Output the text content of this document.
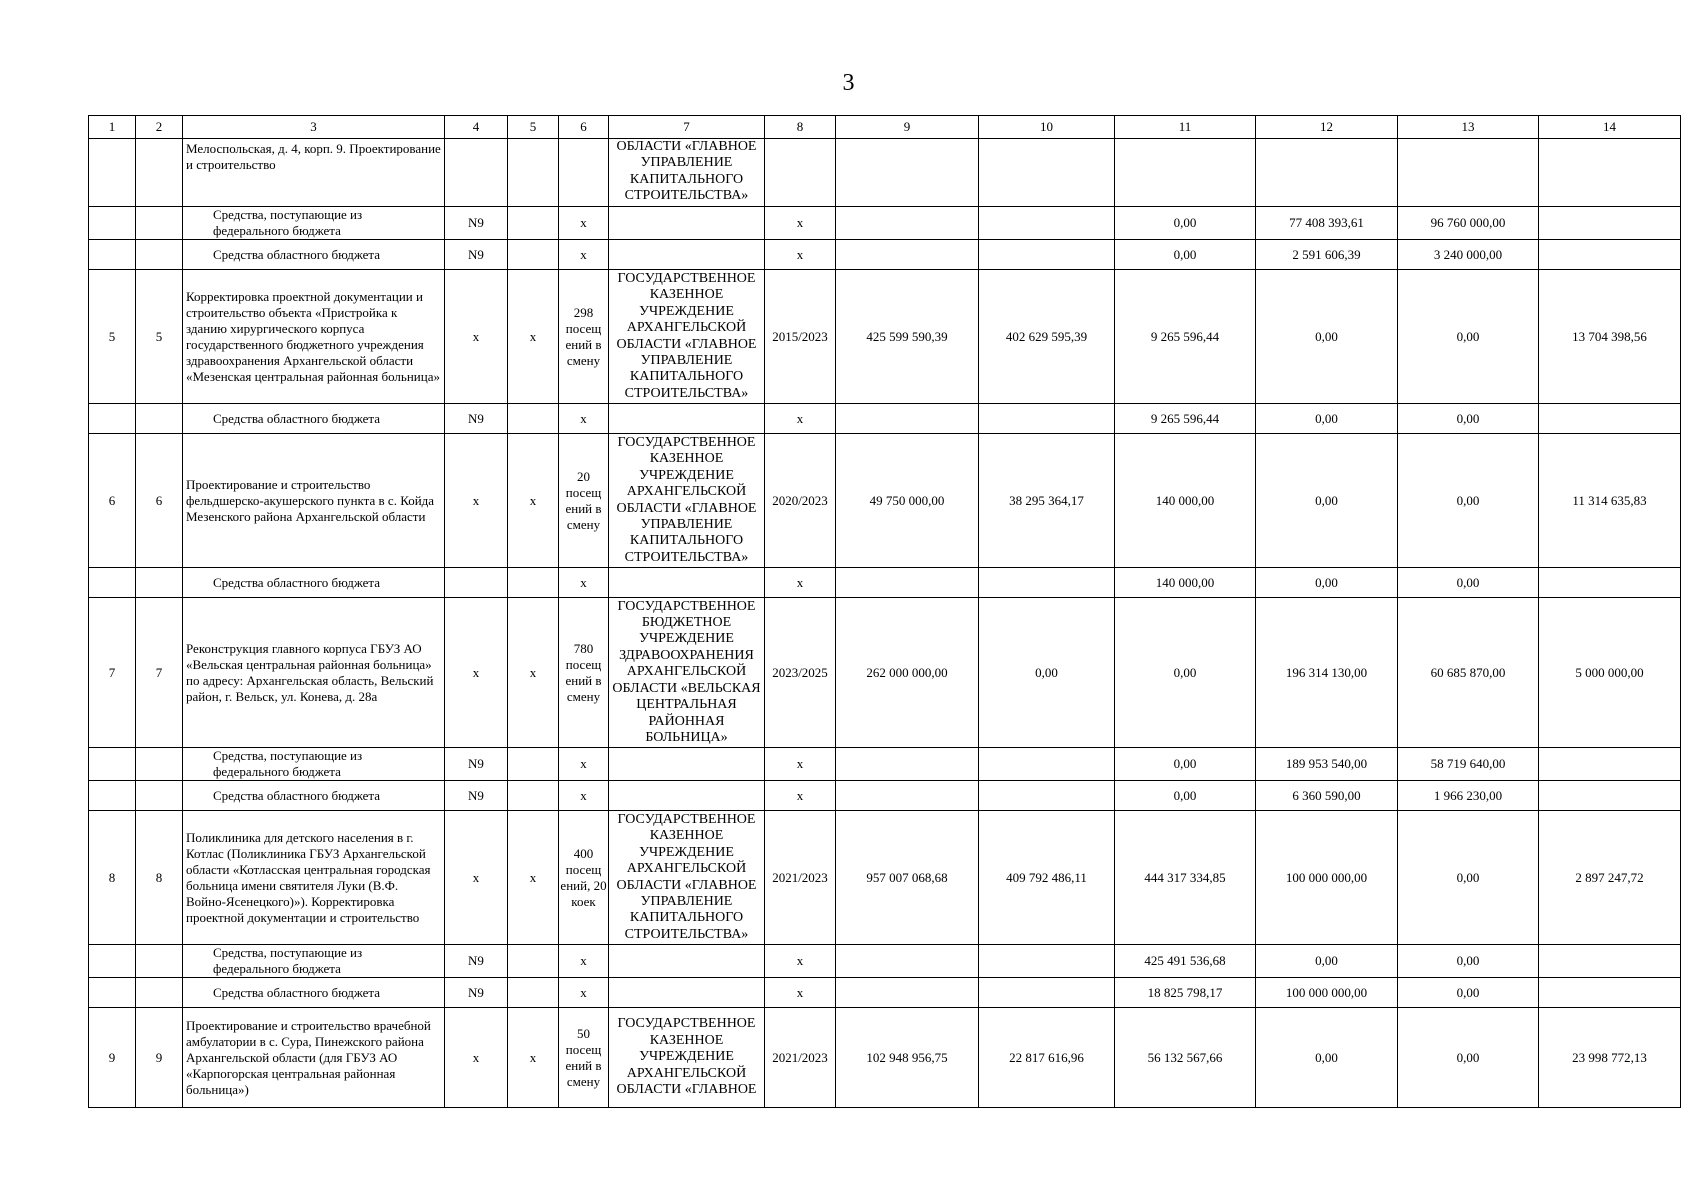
3
1	2	3	4	5	6	7	8	9	10	11	12	13	14
		Мелоспольская, д. 4, корп. 9. Проектирование и строительство				ОБЛАСТИ «ГЛАВНОЕ УПРАВЛЕНИЕ КАПИТАЛЬНОГО СТРОИТЕЛЬСТВА»							
		Средства, поступающие из федерального бюджета	N9		x		x			0,00	77 408 393,61	96 760 000,00	
		Средства областного бюджета	N9		x		x			0,00	2 591 606,39	3 240 000,00	
5	5	Корректировка проектной документации и строительство объекта «Пристройка к зданию хирургического корпуса государственного бюджетного учреждения здравоохранения Архангельской области «Мезенская центральная районная больница»	x	x	298 посещ ений в смену	ГОСУДАРСТВЕННОЕ КАЗЕННОЕ УЧРЕЖДЕНИЕ АРХАНГЕЛЬСКОЙ ОБЛАСТИ «ГЛАВНОЕ УПРАВЛЕНИЕ КАПИТАЛЬНОГО СТРОИТЕЛЬСТВА»	2015/2023	425 599 590,39	402 629 595,39	9 265 596,44	0,00	0,00	13 704 398,56
		Средства областного бюджета	N9		x		x			9 265 596,44	0,00	0,00	
6	6	Проектирование и строительство фельдшерско-акушерского пункта в с. Койда Мезенского района Архангельской области	x	x	20 посещ ений в смену	ГОСУДАРСТВЕННОЕ КАЗЕННОЕ УЧРЕЖДЕНИЕ АРХАНГЕЛЬСКОЙ ОБЛАСТИ «ГЛАВНОЕ УПРАВЛЕНИЕ КАПИТАЛЬНОГО СТРОИТЕЛЬСТВА»	2020/2023	49 750 000,00	38 295 364,17	140 000,00	0,00	0,00	11 314 635,83
		Средства областного бюджета			x		x			140 000,00	0,00	0,00	
7	7	Реконструкция главного корпуса ГБУЗ АО «Вельская центральная районная больница» по адресу: Архангельская область, Вельский район, г. Вельск, ул. Конева, д. 28а	x	x	780 посещ ений в смену	ГОСУДАРСТВЕННОЕ БЮДЖЕТНОЕ УЧРЕЖДЕНИЕ ЗДРАВООХРАНЕНИЯ АРХАНГЕЛЬСКОЙ ОБЛАСТИ «ВЕЛЬСКАЯ ЦЕНТРАЛЬНАЯ РАЙОННАЯ БОЛЬНИЦА»	2023/2025	262 000 000,00	0,00	0,00	196 314 130,00	60 685 870,00	5 000 000,00
		Средства, поступающие из федерального бюджета	N9		x		x			0,00	189 953 540,00	58 719 640,00	
		Средства областного бюджета	N9		x		x			0,00	6 360 590,00	1 966 230,00	
8	8	Поликлиника для детского населения в г. Котлас (Поликлиника ГБУЗ Архангельской области «Котласская центральная городская больница имени святителя Луки (В.Ф. Войно-Ясенецкого)»). Корректировка проектной документации и строительство	x	x	400 посещ ений, 20 коек	ГОСУДАРСТВЕННОЕ КАЗЕННОЕ УЧРЕЖДЕНИЕ АРХАНГЕЛЬСКОЙ ОБЛАСТИ «ГЛАВНОЕ УПРАВЛЕНИЕ КАПИТАЛЬНОГО СТРОИТЕЛЬСТВА»	2021/2023	957 007 068,68	409 792 486,11	444 317 334,85	100 000 000,00	0,00	2 897 247,72
		Средства, поступающие из федерального бюджета	N9		x		x			425 491 536,68	0,00	0,00	
		Средства областного бюджета	N9		x		x			18 825 798,17	100 000 000,00	0,00	
9	9	Проектирование и строительство врачебной амбулатории в с. Сура, Пинежского района Архангельской области (для ГБУЗ АО «Карпогорская центральная районная больница»)	x	x	50 посещ ений в смену	ГОСУДАРСТВЕННОЕ КАЗЕННОЕ УЧРЕЖДЕНИЕ АРХАНГЕЛЬСКОЙ ОБЛАСТИ «ГЛАВНОЕ	2021/2023	102 948 956,75	22 817 616,96	56 132 567,66	0,00	0,00	23 998 772,13
